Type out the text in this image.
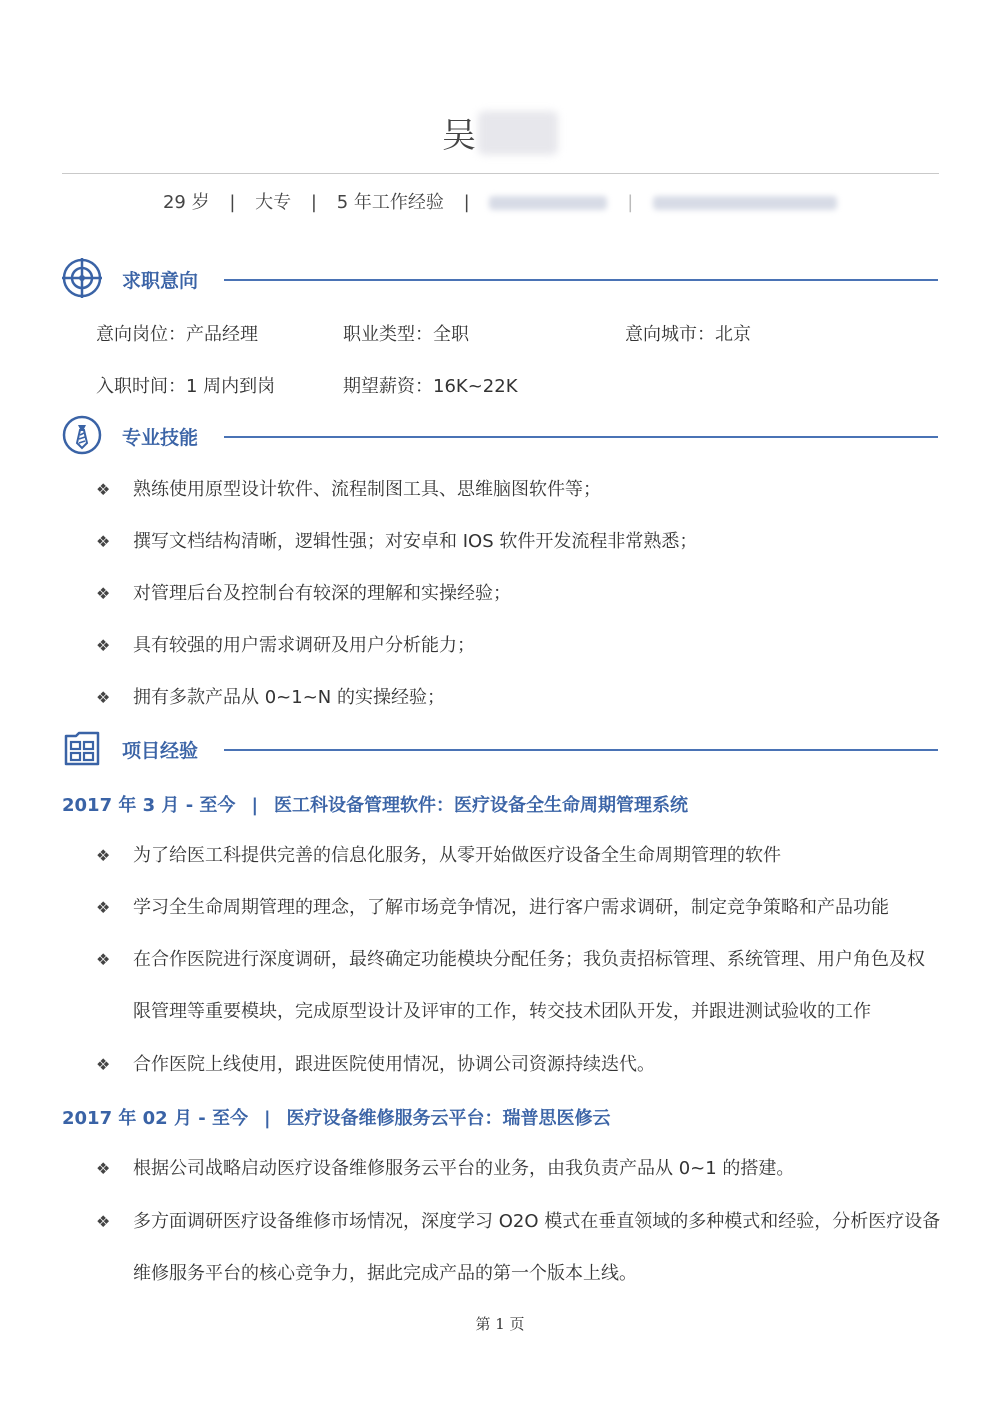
吴
29 岁 | 大专 | 5 年工作经验 |	|
求职意向
意向岗位：产品经理	职业类型：全职	意向城市：北京
入职时间：1 周内到岗	期望薪资：16K~22K
专业技能
❖ 熟练使用原型设计软件、流程制图工具、思维脑图软件等；
❖ 撰写文档结构清晰，逻辑性强；对安卓和 IOS 软件开发流程非常熟悉；
❖ 对管理后台及控制台有较深的理解和实操经验；
❖ 具有较强的用户需求调研及用户分析能力；
❖ 拥有多款产品从 0~1~N 的实操经验；
项目经验
2017 年 3 月 - 至今 | 医工科设备管理软件：医疗设备全生命周期管理系统
❖ 为了给医工科提供完善的信息化服务，从零开始做医疗设备全生命周期管理的软件
❖ 学习全生命周期管理的理念，了解市场竞争情况，进行客户需求调研，制定竞争策略和产品功能
❖ 在合作医院进行深度调研，最终确定功能模块分配任务；我负责招标管理、系统管理、用户角色及权限管理等重要模块，完成原型设计及评审的工作，转交技术团队开发，并跟进测试验收的工作
❖ 合作医院上线使用，跟进医院使用情况，协调公司资源持续迭代。
2017 年 02 月 - 至今 | 医疗设备维修服务云平台：瑞普思医修云
❖ 根据公司战略启动医疗设备维修服务云平台的业务，由我负责产品从 0~1 的搭建。
❖ 多方面调研医疗设备维修市场情况，深度学习 O2O 模式在垂直领域的多种模式和经验，分析医疗设备维修服务平台的核心竞争力，据此完成产品的第一个版本上线。
第 1 页
